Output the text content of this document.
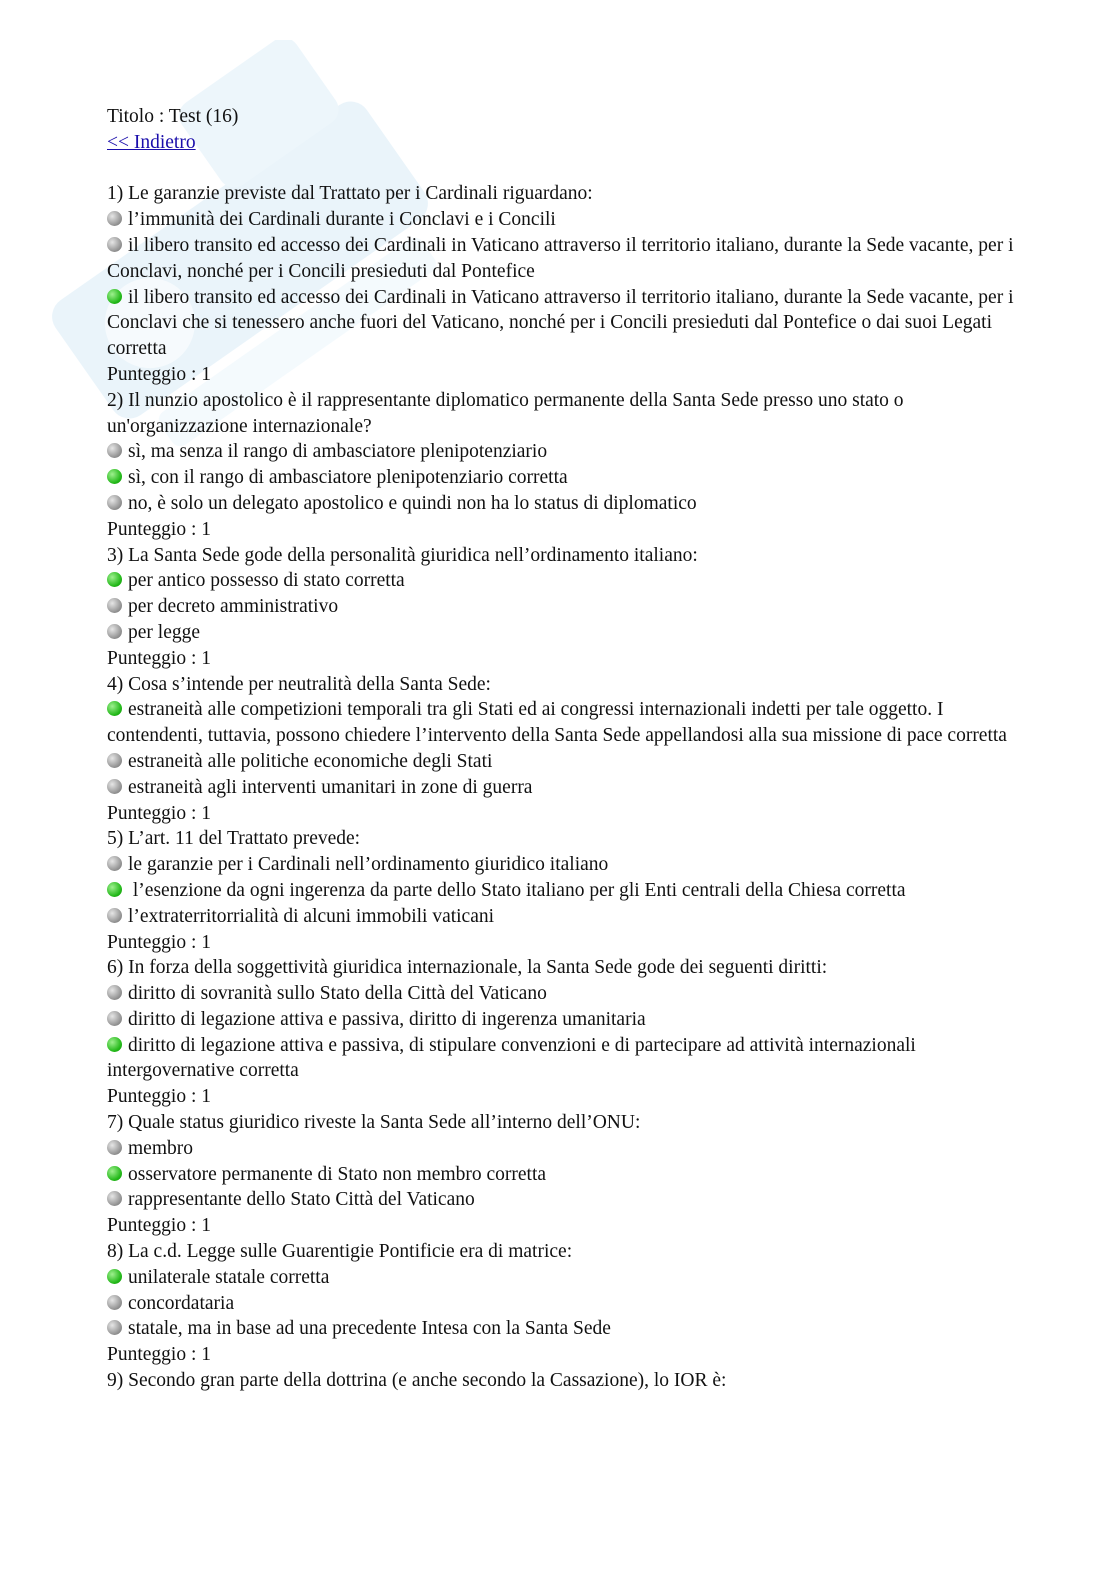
Titolo : Test (16)
<< Indietro
1) Le garanzie previste dal Trattato per i Cardinali riguardano:
l’immunità dei Cardinali durante i Conclavi e i Concili
il libero transito ed accesso dei Cardinali in Vaticano attraverso il territorio italiano, durante la Sede vacante, per i Conclavi, nonché per i Concili presieduti dal Pontefice
il libero transito ed accesso dei Cardinali in Vaticano attraverso il territorio italiano, durante la Sede vacante, per i Conclavi che si tenessero anche fuori del Vaticano, nonché per i Concili presieduti dal Pontefice o dai suoi Legati corretta
Punteggio : 1
2) Il nunzio apostolico è il rappresentante diplomatico permanente della Santa Sede presso uno stato o un'organizzazione internazionale?
sì, ma senza il rango di ambasciatore plenipotenziario
sì, con il rango di ambasciatore plenipotenziario corretta
no, è solo un delegato apostolico e quindi non ha lo status di diplomatico
Punteggio : 1
3) La Santa Sede gode della personalità giuridica nell’ordinamento italiano:
per antico possesso di stato corretta
per decreto amministrativo
per legge
Punteggio : 1
4) Cosa s’intende per neutralità della Santa Sede:
estraneità alle competizioni temporali tra gli Stati ed ai congressi internazionali indetti per tale oggetto. I contendenti, tuttavia, possono chiedere l’intervento della Santa Sede appellandosi alla sua missione di pace corretta
estraneità alle politiche economiche degli Stati
estraneità agli interventi umanitari in zone di guerra
Punteggio : 1
5) L’art. 11 del Trattato prevede:
le garanzie per i Cardinali nell’ordinamento giuridico italiano
l’esenzione da ogni ingerenza da parte dello Stato italiano per gli Enti centrali della Chiesa corretta
l’extraterritorrialità di alcuni immobili vaticani
Punteggio : 1
6) In forza della soggettività giuridica internazionale, la Santa Sede gode dei seguenti diritti:
diritto di sovranità sullo Stato della Città del Vaticano
diritto di legazione attiva e passiva, diritto di ingerenza umanitaria
diritto di legazione attiva e passiva, di stipulare convenzioni e di partecipare ad attività internazionali intergovernative corretta
Punteggio : 1
7) Quale status giuridico riveste la Santa Sede all’interno dell’ONU:
membro
osservatore permanente di Stato non membro corretta
rappresentante dello Stato Città del Vaticano
Punteggio : 1
8) La c.d. Legge sulle Guarentigie Pontificie era di matrice:
unilaterale statale corretta
concordataria
statale, ma in base ad una precedente Intesa con la Santa Sede
Punteggio : 1
9) Secondo gran parte della dottrina (e anche secondo la Cassazione), lo IOR è:
